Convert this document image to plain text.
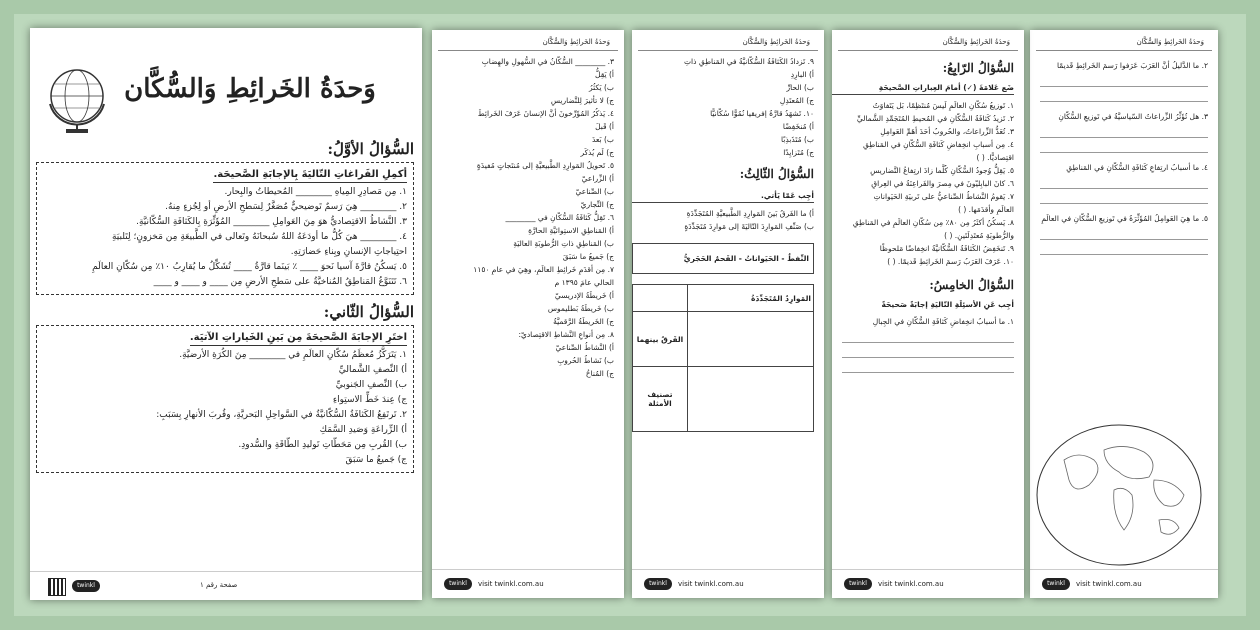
وَحدَةُ الخَرائِطِ وَالسُّكَّان
السُّؤالُ الأوَّلُ:
أكمِلِ الفَراغاتِ التّاليَةَ بِالإجابَةِ الصَّحيحَة.
١. مِن مَصادِرِ المِياهِ ________ المُحيطاتُ والبِحار.
٢. ________ هِيَ رَسمٌ تَوضيحيٌّ مُصَغَّرٌ لِسَطحِ الأرضِ أو لِجُزءٍ مِنهُ.
٣. النَّشاطُ الاقتِصاديُّ هوَ مِنَ العَوامِلِ ________ المُؤَثِّرَةِ بِالكَثافَةِ السُّكّانيَّةِ.
٤. ________ هيَ كُلُّ ما أودَعَهُ اللهُ سُبحانَهُ وتَعالى في الطَّبيعَةِ مِن مَخزونٍ؛ لِتَلبيَةِ
احتِياجاتِ الإنسانِ وبِناءِ حَضارَتِهِ.
٥. يَسكُنُ قارَّةَ آسيا نَحوَ ____ ٪ بَينَما قارَّةُ ____ تُشَكِّلُ ما يُقارِبُ ١٠٪ مِن سُكّانِ العالَمِ
٦. تَتَنَوَّعُ المَناطِقُ المُناخيَّةُ على سَطحِ الأرضِ مِن ____ و ____ و ____
السُّؤالُ الثّاني:
اختَرِ الإجابَةَ الصَّحيحَةَ مِن بَينِ الخَياراتِ الآتيَة.
١. يَتَرَكَّزُ مُعظَمُ سُكّانِ العالَمِ في ________ مِنَ الكُرَةِ الأرضيَّةِ.
أ) النِّصفِ الشَّماليِّ
ب) النِّصفِ الجَنوبيِّ
ج) عِندَ خَطِّ الاستِواءِ
٢. تَرتَفِعُ الكَثافَةُ السُّكّانيَّةُ في السَّواحِلِ البَحريَّةِ، وقُربَ الأنهارِ بِسَبَبِ:
أ) الزِّراعَةِ وَصَيدِ السَّمَكِ
ب) القُربِ مِن مَحَطّاتِ تَوليدِ الطّاقَةِ والسُّدودِ.
ج) جَميعُ ما سَبَقَ
twinkl	صفحة رقم ١
وَحدَةُ الخَرائِطِ وَالسُّكَّان
٣. ________ السُّكّانُ في السُّهولِ والهِضابِ
أ) يَقِلُّ
ب) يَكثُرُ
ج) لا تأثيرَ لِلتَّضاريسِ
٤. يَذكُرُ المُؤَرِّخونَ أنَّ الإنسانَ عَرَفَ الخَرائِطَ
أ) قَبلَ
ب) بَعدَ
ج) لَم يُذكَر
٥. تَحويلُ المَوارِدِ الطَّبيعيَّةِ إلى مُنتَجاتٍ مُفيدَةٍ
أ) الزِّراعيّ
ب) الصِّناعيّ
ج) التِّجاريّ
٦. تَقِلُّ كَثافَةُ السُّكّانِ في ________
أ) المَناطِقِ الاستِوائيَّةِ الحارَّةِ
ب) المَناطِقِ ذاتِ الرُّطوبَةِ العاليَةِ
ج) جَميعُ ما سَبَقَ
٧. مِن أقدَمِ خَرائِطِ العالَمِ، وهِيَ في عامِ ١١٥٠
الحالي عامَ ١٣٩٥ م
أ) خَريطَةُ الإدريسيّ
ب) خَريطَةُ بَطليموس
ج) الخَريطَةُ الرَّقميَّةُ
٨. مِن أنواعِ النَّشاطِ الاقتِصاديّ:
أ) النَّشاطُ الصِّناعيّ
ب) نَشاطُ الحُروبِ
ج) المُناخُ
twinkl	visit twinkl.com.au
وَحدَةُ الخَرائِطِ وَالسُّكَّان
٩. تَزدادُ الكَثافَةُ السُّكّانيَّةُ في المَناطِقِ ذاتِ
أ) البارِدِ
ب) الحارِّ
ج) المُعتَدِلِ
١٠. تَشهَدُ قارَّةُ إفريقيا نُمُوًّا سُكّانيًّا
أ) مُنخَفِضًا
ب) مُتَذَبذِبًا
ج) مُتَزايِدًا
السُّؤالُ الثّالِثُ:
أجِب عَمّا يَأتي.
أ) ما الفَرقُ بَينَ المَوارِدِ الطَّبيعيَّةِ المُتَجَدِّدَةِ
ب) صَنِّفِ المَوارِدَ التّاليَةَ إلى مَوارِدَ مُتَجَدِّدَةٍ
النِّفطُ - الحَيَواناتُ - الفَحمُ الحَجَريُّ
المَوارِدُ المُتَجَدِّدَةُ	
	الفَرقُ بينهما
	تصنيف الأمثلة
twinkl	visit twinkl.com.au
وَحدَةُ الخَرائِطِ وَالسُّكَّان
السُّؤالُ الرّابِعُ:
ضَع عَلامَةَ (✓) أمامَ العِباراتِ الصَّحيحَةِ
١. تَوزيعُ سُكّانِ العالَمِ لَيسَ مُنتَظِمًا، بَل يَتَفاوَتُ
٢. تَزيدُ كَثافَةُ السُّكّانِ في المُحيطِ المُتَجَمِّدِ الشَّماليِّ
٣. تُعَدُّ الزِّراعاتُ، والحُروبُ أحَدَ أهَمِّ العَوامِلِ
٤. مِن أسبابِ انخِفاضِ كَثافَةِ السُّكّانِ في المَناطِقِ
اقتِصاديًّا. ( )
٥. يَقِلُّ وُجودُ السُّكّانِ كُلَّما زادَ ارتِفاعُ التَّضاريسِ
٦. كانَ البابِليّونَ في مِصرَ والفَراعِنَةُ في العِراقِ
٧. يَقومُ النَّشاطُ الصِّناعيُّ على تَربيَةِ الحَيَواناتِ
العالَمِ وأقدَمَها. ( )
٨. يَسكُنُ أكثَرُ مِن ٨٠٪ مِن سُكّانِ العالَمِ في المَناطِقِ
والرُّطوبَةِ مُعتَدِلَتَينِ. ( )
٩. تَنخَفِضُ الكَثافَةُ السُّكّانيَّةُ انخِفاضًا مَلحوظًا
١٠. عَرَفَ العَرَبُ رَسمَ الخَرائِطِ قَديمًا. ( )
السُّؤالُ الخامِسُ:
أجِب عَنِ الأسئِلَةِ التّاليَةِ إجابَةً صَحيحَةً
١. ما أسبابُ انخِفاضِ كَثافَةِ السُّكّانِ في الجِبالِ
twinkl	visit twinkl.com.au
وَحدَةُ الخَرائِطِ وَالسُّكَّان
٢. ما الدَّليلُ أنَّ العَرَبَ عَرَفوا رَسمَ الخَرائِطِ قَديمًا
٣. هل تُؤَثِّرُ الزِّراعاتُ السّياسيَّةُ في تَوزيعِ السُّكّانِ
٤. ما أسبابُ ارتِفاعِ كَثافَةِ السُّكّانِ في المَناطِقِ
٥. ما هِيَ العَوامِلُ المُؤَثِّرَةُ في تَوزيعِ السُّكّانِ في العالَمِ
twinkl	visit twinkl.com.au
